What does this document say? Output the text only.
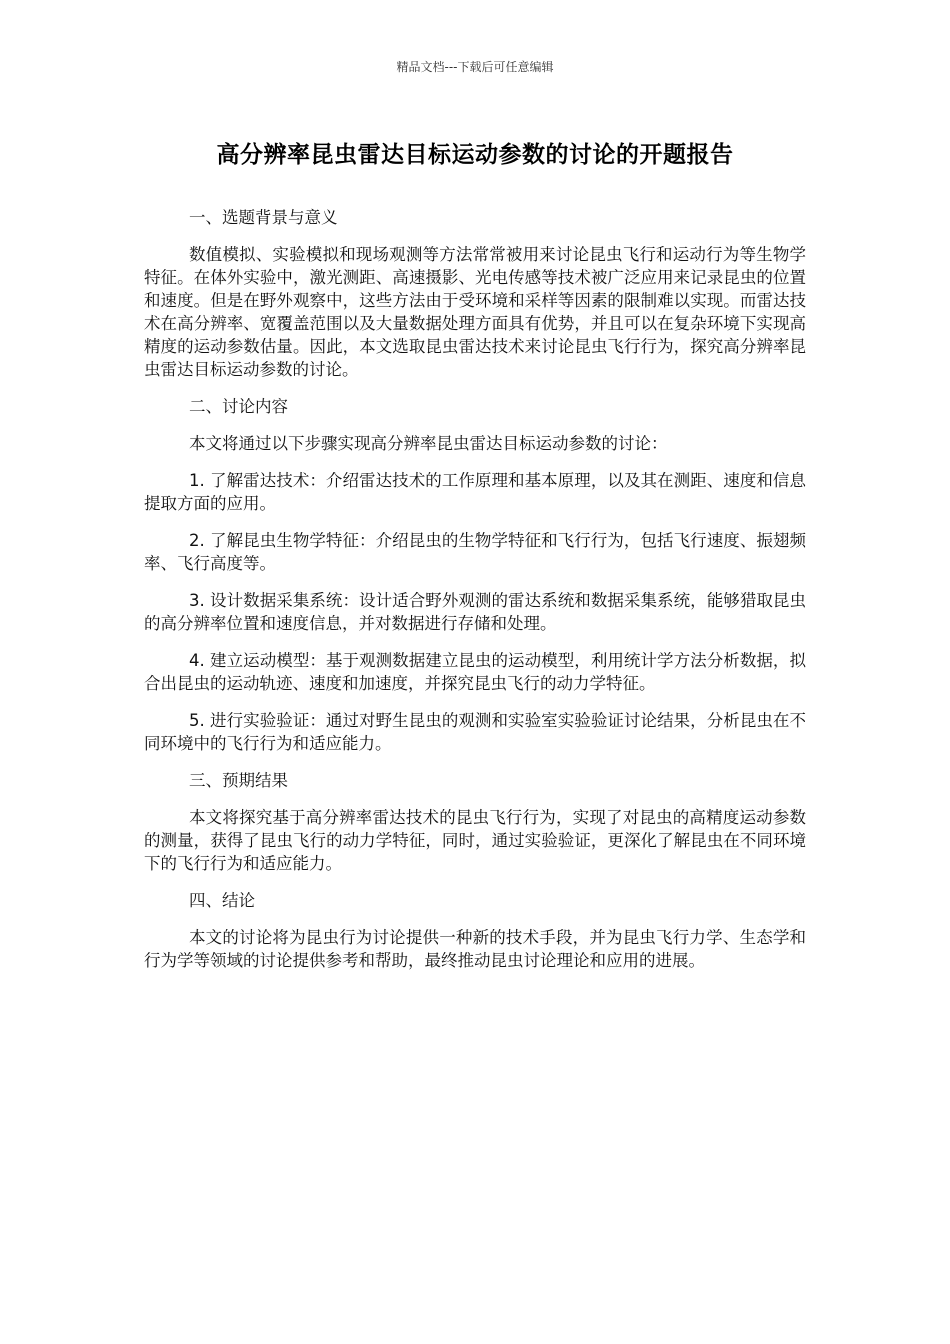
精品文档---下载后可任意编辑
高分辨率昆虫雷达目标运动参数的讨论的开题报告

一、选题背景与意义

数值模拟、实验模拟和现场观测等方法常常被用来讨论昆虫飞行和运动行为等生物学特征。在体外实验中，激光测距、高速摄影、光电传感等技术被广泛应用来记录昆虫的位置和速度。但是在野外观察中，这些方法由于受环境和采样等因素的限制难以实现。而雷达技术在高分辨率、宽覆盖范围以及大量数据处理方面具有优势，并且可以在复杂环境下实现高精度的运动参数估量。因此，本文选取昆虫雷达技术来讨论昆虫飞行行为，探究高分辨率昆虫雷达目标运动参数的讨论。

二、讨论内容

本文将通过以下步骤实现高分辨率昆虫雷达目标运动参数的讨论：

1. 了解雷达技术：介绍雷达技术的工作原理和基本原理，以及其在测距、速度和信息提取方面的应用。

2. 了解昆虫生物学特征：介绍昆虫的生物学特征和飞行行为，包括飞行速度、振翅频率、飞行高度等。

3. 设计数据采集系统：设计适合野外观测的雷达系统和数据采集系统，能够猎取昆虫的高分辨率位置和速度信息，并对数据进行存储和处理。

4. 建立运动模型：基于观测数据建立昆虫的运动模型，利用统计学方法分析数据，拟合出昆虫的运动轨迹、速度和加速度，并探究昆虫飞行的动力学特征。

5. 进行实验验证：通过对野生昆虫的观测和实验室实验验证讨论结果，分析昆虫在不同环境中的飞行行为和适应能力。

三、预期结果

本文将探究基于高分辨率雷达技术的昆虫飞行行为，实现了对昆虫的高精度运动参数的测量，获得了昆虫飞行的动力学特征，同时，通过实验验证，更深化了解昆虫在不同环境下的飞行行为和适应能力。

四、结论

本文的讨论将为昆虫行为讨论提供一种新的技术手段，并为昆虫飞行力学、生态学和行为学等领域的讨论提供参考和帮助，最终推动昆虫讨论理论和应用的进展。
